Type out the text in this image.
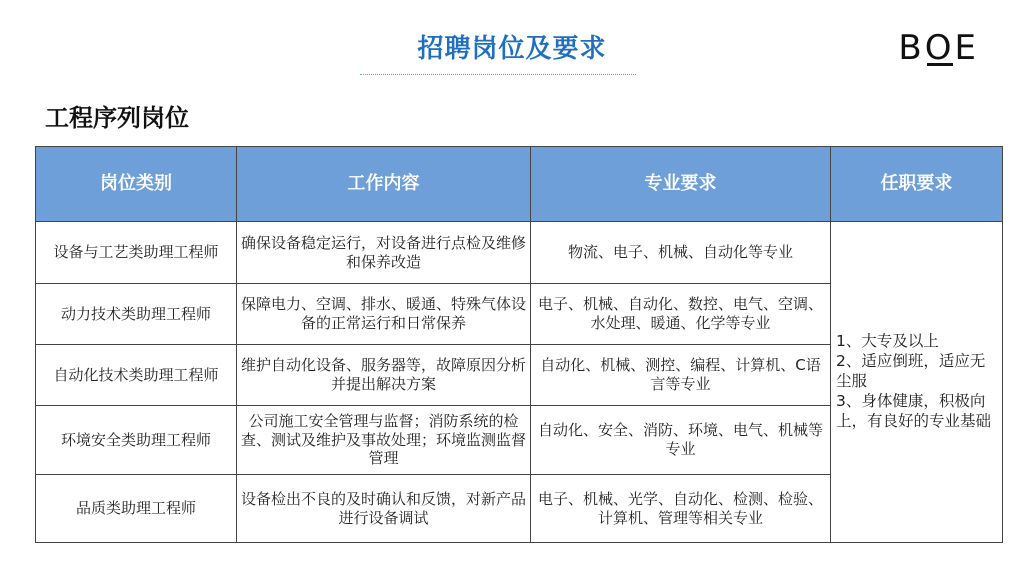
招聘岗位及要求	BOE
工程序列岗位
岗位类别	工作内容	专业要求	任职要求
设备与工艺类助理工程师	确保设备稳定运行，对设备进行点检及维修和保养改造	物流、电子、机械、自动化等专业	1、大专及以上
2、适应倒班，适应无尘服
3、身体健康，积极向上，有良好的专业基础

动力技术类助理工程师	保障电力、空调、排水、暖通、特殊气体设备的正常运行和日常保养	电子、机械、自动化、数控、电气、空调、水处理、暖通、化学等专业	
自动化技术类助理工程师	维护自动化设备、服务器等，故障原因分析并提出解决方案	自动化、机械、测控、编程、计算机、C语言等专业	
环境安全类助理工程师	公司施工安全管理与监督；消防系统的检查、测试及维护及事故处理；环境监测监督管理	自动化、安全、消防、环境、电气、机械等专业	
品质类助理工程师	设备检出不良的及时确认和反馈，对新产品进行设备调试	电子、机械、光学、自动化、检测、检验、计算机、管理等相关专业	
